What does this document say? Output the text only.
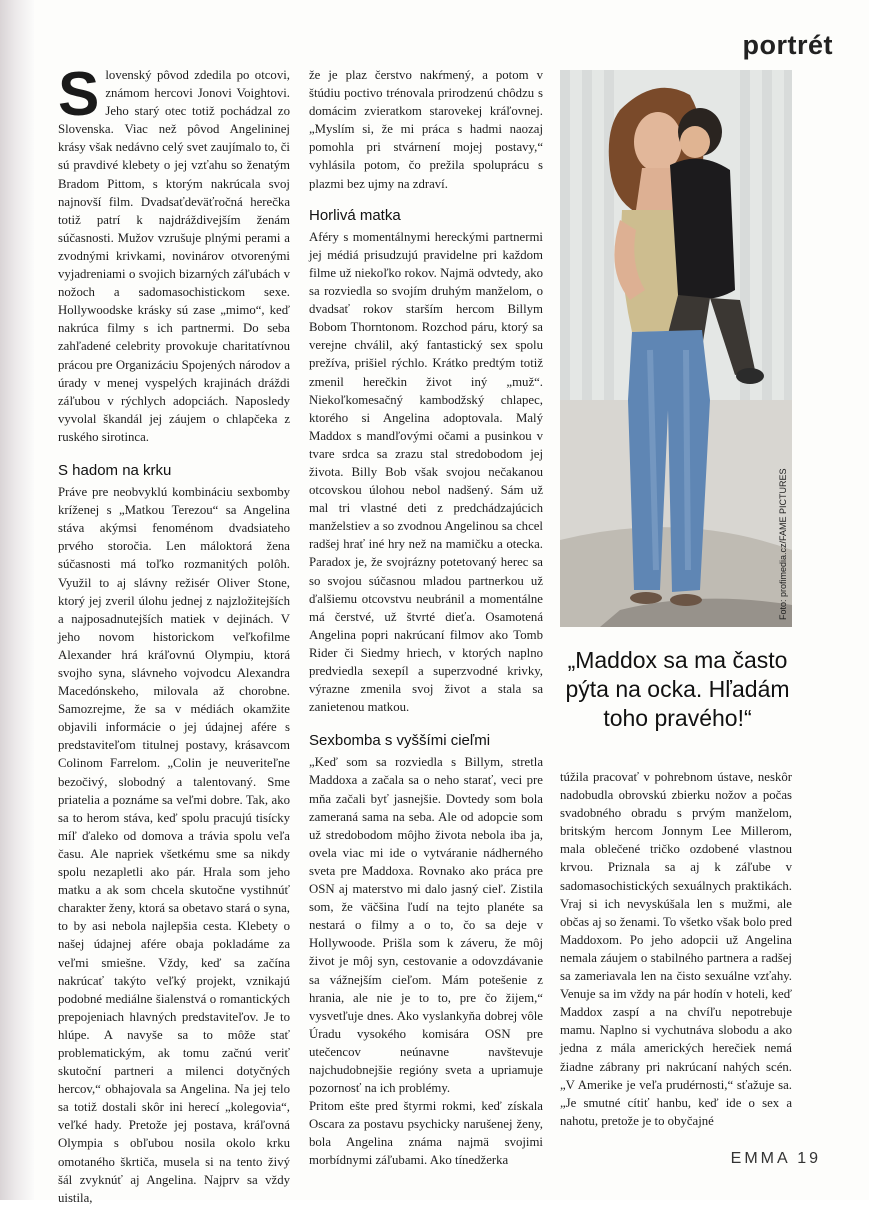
portrét

Slovenský pôvod zdedila po otcovi, známom hercovi Jonovi Voightovi. Jeho starý otec totiž pochádzal zo Slovenska. Viac než pôvod Angelininej krásy však nedávno celý svet zaujímalo to, či sú pravdivé klebety o jej vzťahu so ženatým Bradom Pittom, s ktorým nakrúcala svoj najnovší film. Dvadsaťdeväťročná herečka totiž patrí k najdráždivejším ženám súčasnosti. Mužov vzrušuje plnými perami a zvodnými krivkami, novinárov otvorenými vyjadreniami o svojich bizarných záľubách v nožoch a sadomasochistickom sexe. Hollywoodske krásky sú zase „mimo“, keď nakrúca filmy s ich partnermi. Do seba zahľadené celebrity provokuje charitatívnou prácou pre Organizáciu Spojených národov a úrady v menej vyspelých krajinách dráždi záľubou v rýchlych adopciách. Naposledy vyvolal škandál jej záujem o chlapčeka z ruského sirotinca.

S hadom na krku

Práve pre neobvyklú kombináciu sexbomby kríženej s „Matkou Terezou“ sa Angelina stáva akýmsi fenoménom dvadsiateho prvého storočia. Len máloktorá žena súčasnosti má toľko rozmanitých polôh. Využil to aj slávny režisér Oliver Stone, ktorý jej zveril úlohu jednej z najzložitejších a najposadnutejších matiek v dejinách. V jeho novom historickom veľkofilme Alexander hrá kráľovnú Olympiu, ktorá svojho syna, slávneho vojvodcu Alexandra Macedónskeho, milovala až chorobne. Samozrejme, že sa v médiách okamžite objavili informácie o jej údajnej afére s predstaviteľom titulnej postavy, krásavcom Colinom Farrelom. „Colin je neuveriteľne bezočivý, slobodný a talentovaný. Sme priatelia a poznáme sa veľmi dobre. Tak, ako sa to herom stáva, keď spolu pracujú tisícky míľ ďaleko od domova a trávia spolu veľa času. Ale napriek všetkému sme sa nikdy spolu nezapletli ako pár. Hrala som jeho matku a ak som chcela skutočne vystihnúť charakter ženy, ktorá sa obetavo stará o syna, to by asi nebola najlepšia cesta. Klebety o našej údajnej afére obaja pokladáme za veľmi smiešne. Vždy, keď sa začína nakrúcať takýto veľký projekt, vznikajú podobné mediálne šialenstvá o romantických prepojeniach hlavných predstaviteľov. Je to hlúpe. A navyše sa to môže stať problematickým, ak tomu začnú veriť skutoční partneri a milenci dotyčných hercov,“ obhajovala sa Angelina. Na jej telo sa totiž dostali skôr ini herecí „kolegovia“, veľké hady. Pretože jej postava, kráľovná Olympia s obľubou nosila okolo krku omotaného škrtiča, musela si na tento živý šál zvyknúť aj Angelina. Najprv sa vždy uistila,

že je plaz čerstvo nakŕmený, a potom v štúdiu poctivo trénovala prirodzenú chôdzu s domácim zvieratkom starovekej kráľovnej. „Myslím si, že mi práca s hadmi naozaj pomohla pri stvárnení mojej postavy,“ vyhlásila potom, čo prežila spoluprácu s plazmi bez ujmy na zdraví.

Horlivá matka

Aféry s momentálnymi hereckými partnermi jej médiá prisudzujú pravidelne pri každom filme už niekoľko rokov. Najmä odvtedy, ako sa rozviedla so svojím druhým manželom, o dvadsať rokov starším hercom Billym Bobom Thorntonom. Rozchod páru, ktorý sa verejne chválil, aký fantastický sex spolu prežíva, prišiel rýchlo. Krátko predtým totiž zmenil herečkin život iný „muž“. Niekoľkomesačný kambodžský chlapec, ktorého si Angelina adoptovala. Malý Maddox s mandľovými očami a pusinkou v tvare srdca sa zrazu stal stredobodom jej života. Billy Bob však svojou nečakanou otcovskou úlohou nebol nadšený. Sám už mal tri vlastné deti z predchádzajúcich manželstiev a so zvodnou Angelinou sa chcel radšej hrať iné hry než na mamičku a otecka. Paradox je, že svojrázny potetovaný herec sa so svojou súčasnou mladou partnerkou už ďalšiemu otcovstvu neubránil a momentálne má čerstvé, už štvrté dieťa. Osamotená Angelina popri nakrúcaní filmov ako Tomb Rider či Siedmy hriech, v ktorých naplno predviedla sexepíl a superzvodné krivky, výrazne zmenila svoj život a stala sa zanietenou matkou.

Sexbomba s vyššími cieľmi

„Keď som sa rozviedla s Billym, stretla Maddoxa a začala sa o neho starať, veci pre mňa začali byť jasnejšie. Dovtedy som bola zameraná sama na seba. Ale od adopcie som už stredobodom môjho života nebola iba ja, ovela viac mi ide o vytváranie nádherného sveta pre Maddoxa. Rovnako ako práca pre OSN aj materstvo mi dalo jasný cieľ. Zistila som, že väčšina ľudí na tejto planéte sa nestará o filmy a o to, čo sa deje v Hollywoode. Prišla som k záveru, že môj život je môj syn, cestovanie a odovzdávanie sa vážnejším cieľom. Mám potešenie z hrania, ale nie je to to, pre čo žijem,“ vysvetľuje dnes. Ako vyslankyňa dobrej vôle Úradu vysokého komisára OSN pre utečencov neúnavne navštevuje najchudobnejšie regióny sveta a upriamuje pozornosť na ich problémy.

Pritom ešte pred štyrmi rokmi, keď získala Oscara za postavu psychicky narušenej ženy, bola Angelina známa najmä svojimi morbídnymi záľubami. Ako tínedžerka

Foto: profimedia.cz/FAME PICTURES
„Maddox sa ma často pýta na ocka. Hľadám toho pravého!“

túžila pracovať v pohrebnom ústave, neskôr nadobudla obrovskú zbierku nožov a počas svadobného obradu s prvým manželom, britským hercom Jonnym Lee Millerom, mala oblečené tričko ozdobené vlastnou krvou. Priznala sa aj k záľube v sadomasochistických sexuálnych praktikách. Vraj si ich nevyskúšala len s mužmi, ale občas aj so ženami. To všetko však bolo pred Maddoxom. Po jeho adopcii už Angelina nemala záujem o stabilného partnera a radšej sa zameriavala len na čisto sexuálne vzťahy. Venuje sa im vždy na pár hodín v hoteli, keď Maddox zaspí a na chvíľu nepotrebuje mamu. Naplno si vychutnáva slobodu a ako jedna z mála amerických herečiek nemá žiadne zábrany pri nakrúcaní nahých scén. „V Amerike je veľa prudérnosti,“ sťažuje sa. „Je smutné cítiť hanbu, keď ide o sex a nahotu, pretože je to obyčajné

EMMA 19
